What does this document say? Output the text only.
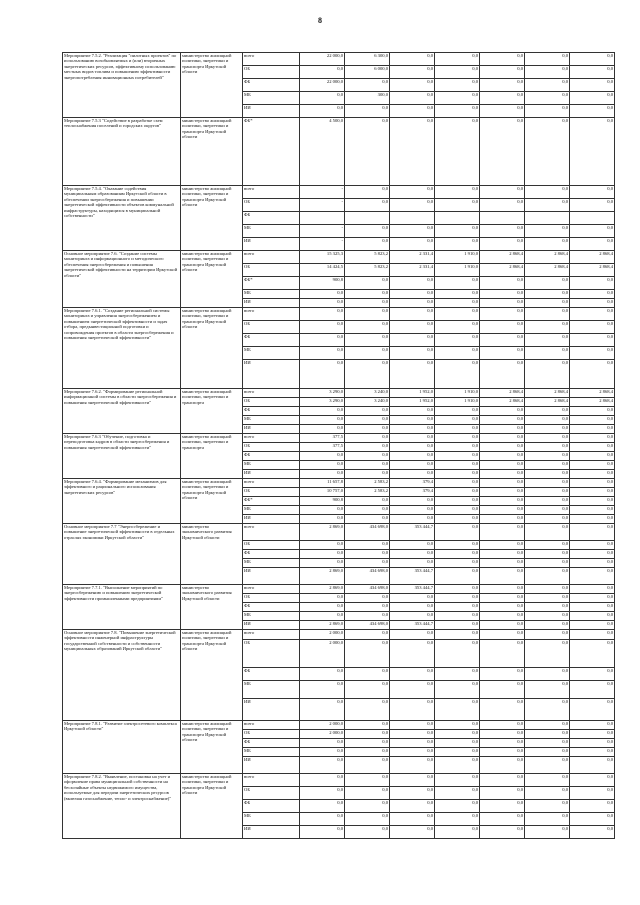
8
Мероприятие 7.5.2. "Реализация "пилотных проектов" по использованию возобновляемых и (или) вторичных энергетических ресурсов, эффективному использованию местных видов топлива и повышению эффективности энергопотребления инновационных потребителей"	министерство жилищной политики, энергетики и транспорта Иркутской области	всего	22 000,0	6 300,0	0,0	0,0	0,0	0,0	0,0
		ОБ	0,0	6 000,0	0,0	0,0	0,0	0,0	0,0
		ФБ	22 000,0	0,0	0,0	0,0	0,0	0,0	0,0
		МБ	0,0	300,0	0,0	0,0	0,0	0,0	0,0
		ИИ	0,0	0,0	0,0	0,0	0,0	0,0	0,0
Мероприятие 7.5.3 "Содействие в разработке схем теплоснабжения поселений и городских округов"	министерство жилищной политики, энергетики и транспорта Иркутской области	ФБ*	4 500,0	0,0	0,0	0,0	0,0	0,0	0,0
Мероприятие 7.5.4. "Оказание содействия муниципальным образованиям Иркутской области в обеспечении энергосбережения и повышении энергетической эффективности объектов коммунальной инфраструктуры, находящихся в муниципальной собственности"	министерство жилищной политики, энергетики и транспорта Иркутской области	всего	-	0,0	0,0	0,0	0,0	0,0	0,0
		ОБ	-	0,0	0,0	0,0	0,0	0,0	0,0
		ФБ							
		МБ	-	0,0	0,0	0,0	0,0	0,0	0,0
		ИИ	-	0,0	0,0	0,0	0,0	0,0	0,0
Основное мероприятие 7.6. "Создание системы мониторинга и информационного и методического обеспечения энергосбережения и повышения энергетической эффективности на территории Иркутской области"	министерство жилищной политики, энергетики и транспорта Иркутской области	всего	15 325,3	5 823,2	2 331,4	1 910,0	2 868,4	2 868,4	2 868,4
		ОБ	14 424,5	5 823,2	2 331,4	1 910,0	2 868,4	2 868,4	2 868,4
		ФБ*	900,8	0,0	0,0	0,0	0,0	0,0	0,0
		МБ	0,0	0,0	0,0	0,0	0,0	0,0	0,0
		ИИ	0,0	0,0	0,0	0,0	0,0	0,0	0,0
Мероприятие 7.6.1. "Создание региональной системы мониторинга и управления энергосбережением и повышением энергетической эффективности и задач отбора, предынвестиционной подготовки и сопровождения проектов в области энергосбережения и повышения энергетической эффективности"	министерство жилищной политики, энергетики и транспорта Иркутской области	всего	0,0	0,0	0,0	0,0	0,0	0,0	0,0
		ОБ	0,0	0,0	0,0	0,0	0,0	0,0	0,0
		ФБ	0,0	0,0	0,0	0,0	0,0	0,0	0,0
		МБ	0,0	0,0	0,0	0,0	0,0	0,0	0,0
		ИИ	0,0	0,0	0,0	0,0	0,0	0,0	0,0
Мероприятие 7.6.2. "Формирование региональной информационной системы в области энергосбережения и повышения энергетической эффективности"	министерство жилищной политики, энергетики и транспорта	всего	3 290,0	3 240,0	1 952,0	1 910,0	2 868,4	2 868,4	2 868,4
		ОБ	3 290,0	3 240,0	1 952,0	1 910,0	2 868,4	2 868,4	2 868,4
		ФБ	0,0	0,0	0,0	0,0	0,0	0,0	0,0
		МБ	0,0	0,0	0,0	0,0	0,0	0,0	0,0
		ИИ	0,0	0,0	0,0	0,0	0,0	0,0	0,0
Мероприятие 7.6.3 "Обучение, подготовка и переподготовка кадров в области энергосбережения и повышения энергетической эффективности"	министерство жилищной политики, энергетики и транспорта	всего	377,5	0,0	0,0	0,0	0,0	0,0	0,0
		ОБ	377,5	0,0	0,0	0,0	0,0	0,0	0,0
		ФБ	0,0	0,0	0,0	0,0	0,0	0,0	0,0
		МБ	0,0	0,0	0,0	0,0	0,0	0,0	0,0
		ИИ	0,0	0,0	0,0	0,0	0,0	0,0	0,0
Мероприятие 7.6.4. "Формирование механизмов для эффективного и рационального использования энергетических ресурсов"	министерство жилищной политики, энергетики и транспорта Иркутской области	всего	11 657,8	2 583,2	379,4	0,0	0,0	0,0	0,0
		ОБ	10 757,0	2 583,2	379,4	0,0	0,0	0,0	0,0
		ФБ*	900,8	0,0	0,0	0,0	0,0	0,0	0,0
		МБ	0,0	0,0	0,0	0,0	0,0	0,0	0,0
		ИИ	0,0	0,0	0,0	0,0	0,0	0,0	0,0
Основное мероприятие 7.7 "Энергосбережение и повышение энергетической эффективности в отдельных отраслях экономики Иркутской области"	министерство экономического развития Иркутской области	всего	2 869,0	434 698,0	353 444,7	0,0	0,0	0,0	0,0
		ОБ	0,0	0,0	0,0	0,0	0,0	0,0	0,0
		ФБ	0,0	0,0	0,0	0,0	0,0	0,0	0,0
		МБ	0,0	0,0	0,0	0,0	0,0	0,0	0,0
		ИИ	2 869,0	434 698,0	353 444,7	0,0	0,0	0,0	0,0
Мероприятие 7.7.1. "Выполнение мероприятий по энергосбережению и повышению энергетической эффективности промышленными предприятиями"	министерство экономического развития Иркутской области	всего	2 869,0	434 698,0	353 444,7	0,0	0,0	0,0	0,0
		ОБ	0,0	0,0	0,0	0,0	0,0	0,0	0,0
		ФБ	0,0	0,0	0,0	0,0	0,0	0,0	0,0
		МБ	0,0	0,0	0,0	0,0	0,0	0,0	0,0
		ИИ	2 869,0	434 698,0	353 444,7	0,0	0,0	0,0	0,0
Основное мероприятие 7.8. "Повышение энергетической эффективности инженерной инфраструктуры государственной собственности и собственности муниципальных образований Иркутской области"	министерство жилищной политики, энергетики и транспорта Иркутской области	всего	2 000,0	0,0	0,0	0,0	0,0	0,0	0,0
		ОБ	2 000,0	0,0	0,0	0,0	0,0	0,0	0,0
		ФБ	0,0	0,0	0,0	0,0	0,0	0,0	0,0
		МБ	0,0	0,0	0,0	0,0	0,0	0,0	0,0
		ИИ	0,0	0,0	0,0	0,0	0,0	0,0	0,0
Мероприятие 7.8.1. "Развитие электросетевого комплекса Иркутской области"	министерство жилищной политики, энергетики и транспорта Иркутской области	всего	2 000,0	0,0	0,0	0,0	0,0	0,0	0,0
		ОБ	2 000,0	0,0	0,0	0,0	0,0	0,0	0,0
		ФБ	0,0	0,0	0,0	0,0	0,0	0,0	0,0
		МБ	0,0	0,0	0,0	0,0	0,0	0,0	0,0
		ИИ	0,0	0,0	0,0	0,0	0,0	0,0	0,0
Мероприятие 7.8.2. "Выявление, постановка на учет и оформление права муниципальной собственности на бесхозяйные объекты недвижимого имущества, используемые для передачи энергетических ресурсов (включая газоснабжение, тепло- и электроснабжение)"	министерство жилищной политики, энергетики и транспорта Иркутской области	всего	0,0	0,0	0,0	0,0	0,0	0,0	0,0
		ОБ	0,0	0,0	0,0	0,0	0,0	0,0	0,0
		ФБ	0,0	0,0	0,0	0,0	0,0	0,0	0,0
		МБ	0,0	0,0	0,0	0,0	0,0	0,0	0,0
		ИИ	0,0	0,0	0,0	0,0	0,0	0,0	0,0
